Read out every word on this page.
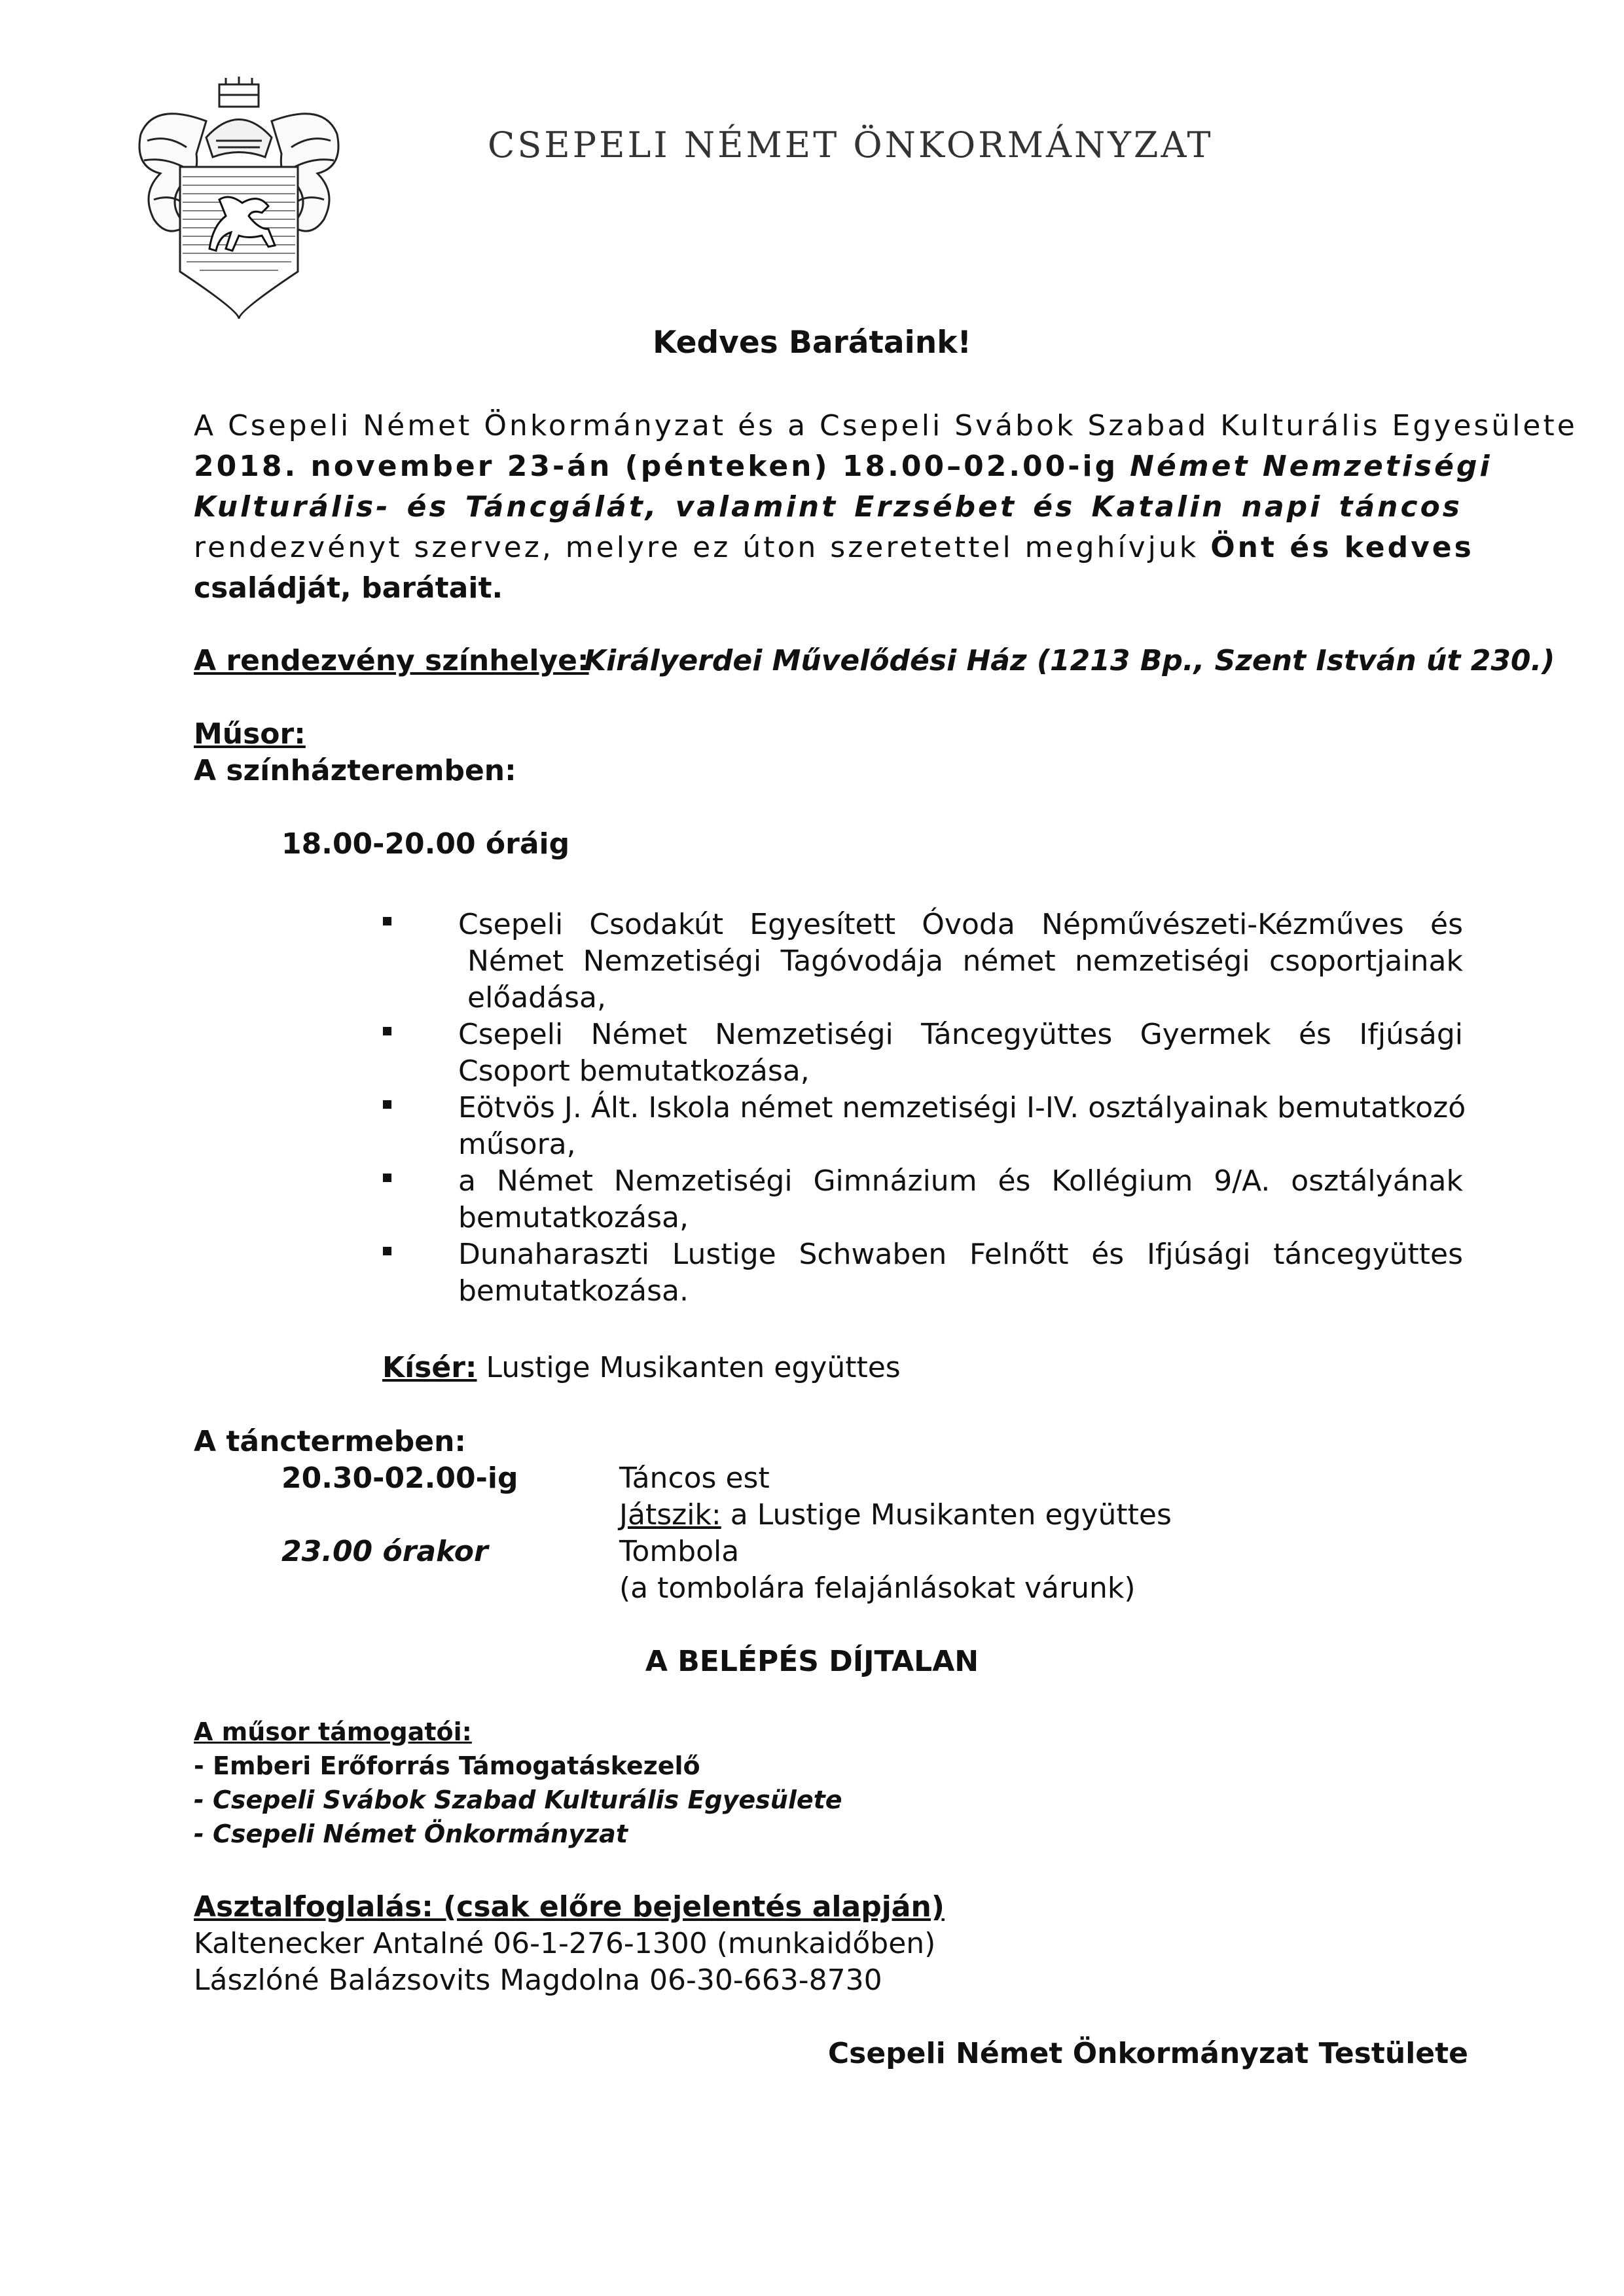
CSEPELI NÉMET ÖNKORMÁNYZAT
Kedves Barátaink!
A Csepeli Német Önkormányzat és a Csepeli Svábok Szabad Kulturális Egyesülete
2018. november 23-án (pénteken) 18.00–02.00-ig Német Nemzetiségi
Kulturális- és Táncgálát, valamint Erzsébet és Katalin napi táncos
rendezvényt szervez, melyre ez úton szeretettel meghívjuk Önt és kedves
családját, barátait.
A rendezvény színhelye:
Királyerdei Művelődési Ház (1213 Bp., Szent István út 230.)
Műsor:
A színházteremben:
18.00-20.00 óráig
Csepeli Csodakút Egyesített Óvoda Népművészeti-Kézműves és
Német Nemzetiségi Tagóvodája német nemzetiségi csoportjainak
előadása,
Csepeli Német Nemzetiségi Táncegyüttes Gyermek és Ifjúsági
Csoport bemutatkozása,
Eötvös J. Ált. Iskola német nemzetiségi I-IV. osztályainak bemutatkozó
műsora,
a Német Nemzetiségi Gimnázium és Kollégium 9/A. osztályának
bemutatkozása,
Dunaharaszti Lustige Schwaben Felnőtt és Ifjúsági táncegyüttes
bemutatkozása.
Kísér: Lustige Musikanten együttes
A tánctermeben:
20.30-02.00-ig	Táncos est
Játszik: a Lustige Musikanten együttes
23.00 órakor	Tombola
(a tombolára felajánlásokat várunk)
A BELÉPÉS DÍJTALAN
A műsor támogatói:
- Emberi Erőforrás Támogatáskezelő
- Csepeli Svábok Szabad Kulturális Egyesülete
- Csepeli Német Önkormányzat
Asztalfoglalás: (csak előre bejelentés alapján)
Kaltenecker Antalné 06-1-276-1300 (munkaidőben)
Lászlóné Balázsovits Magdolna 06-30-663-8730
Csepeli Német Önkormányzat Testülete
